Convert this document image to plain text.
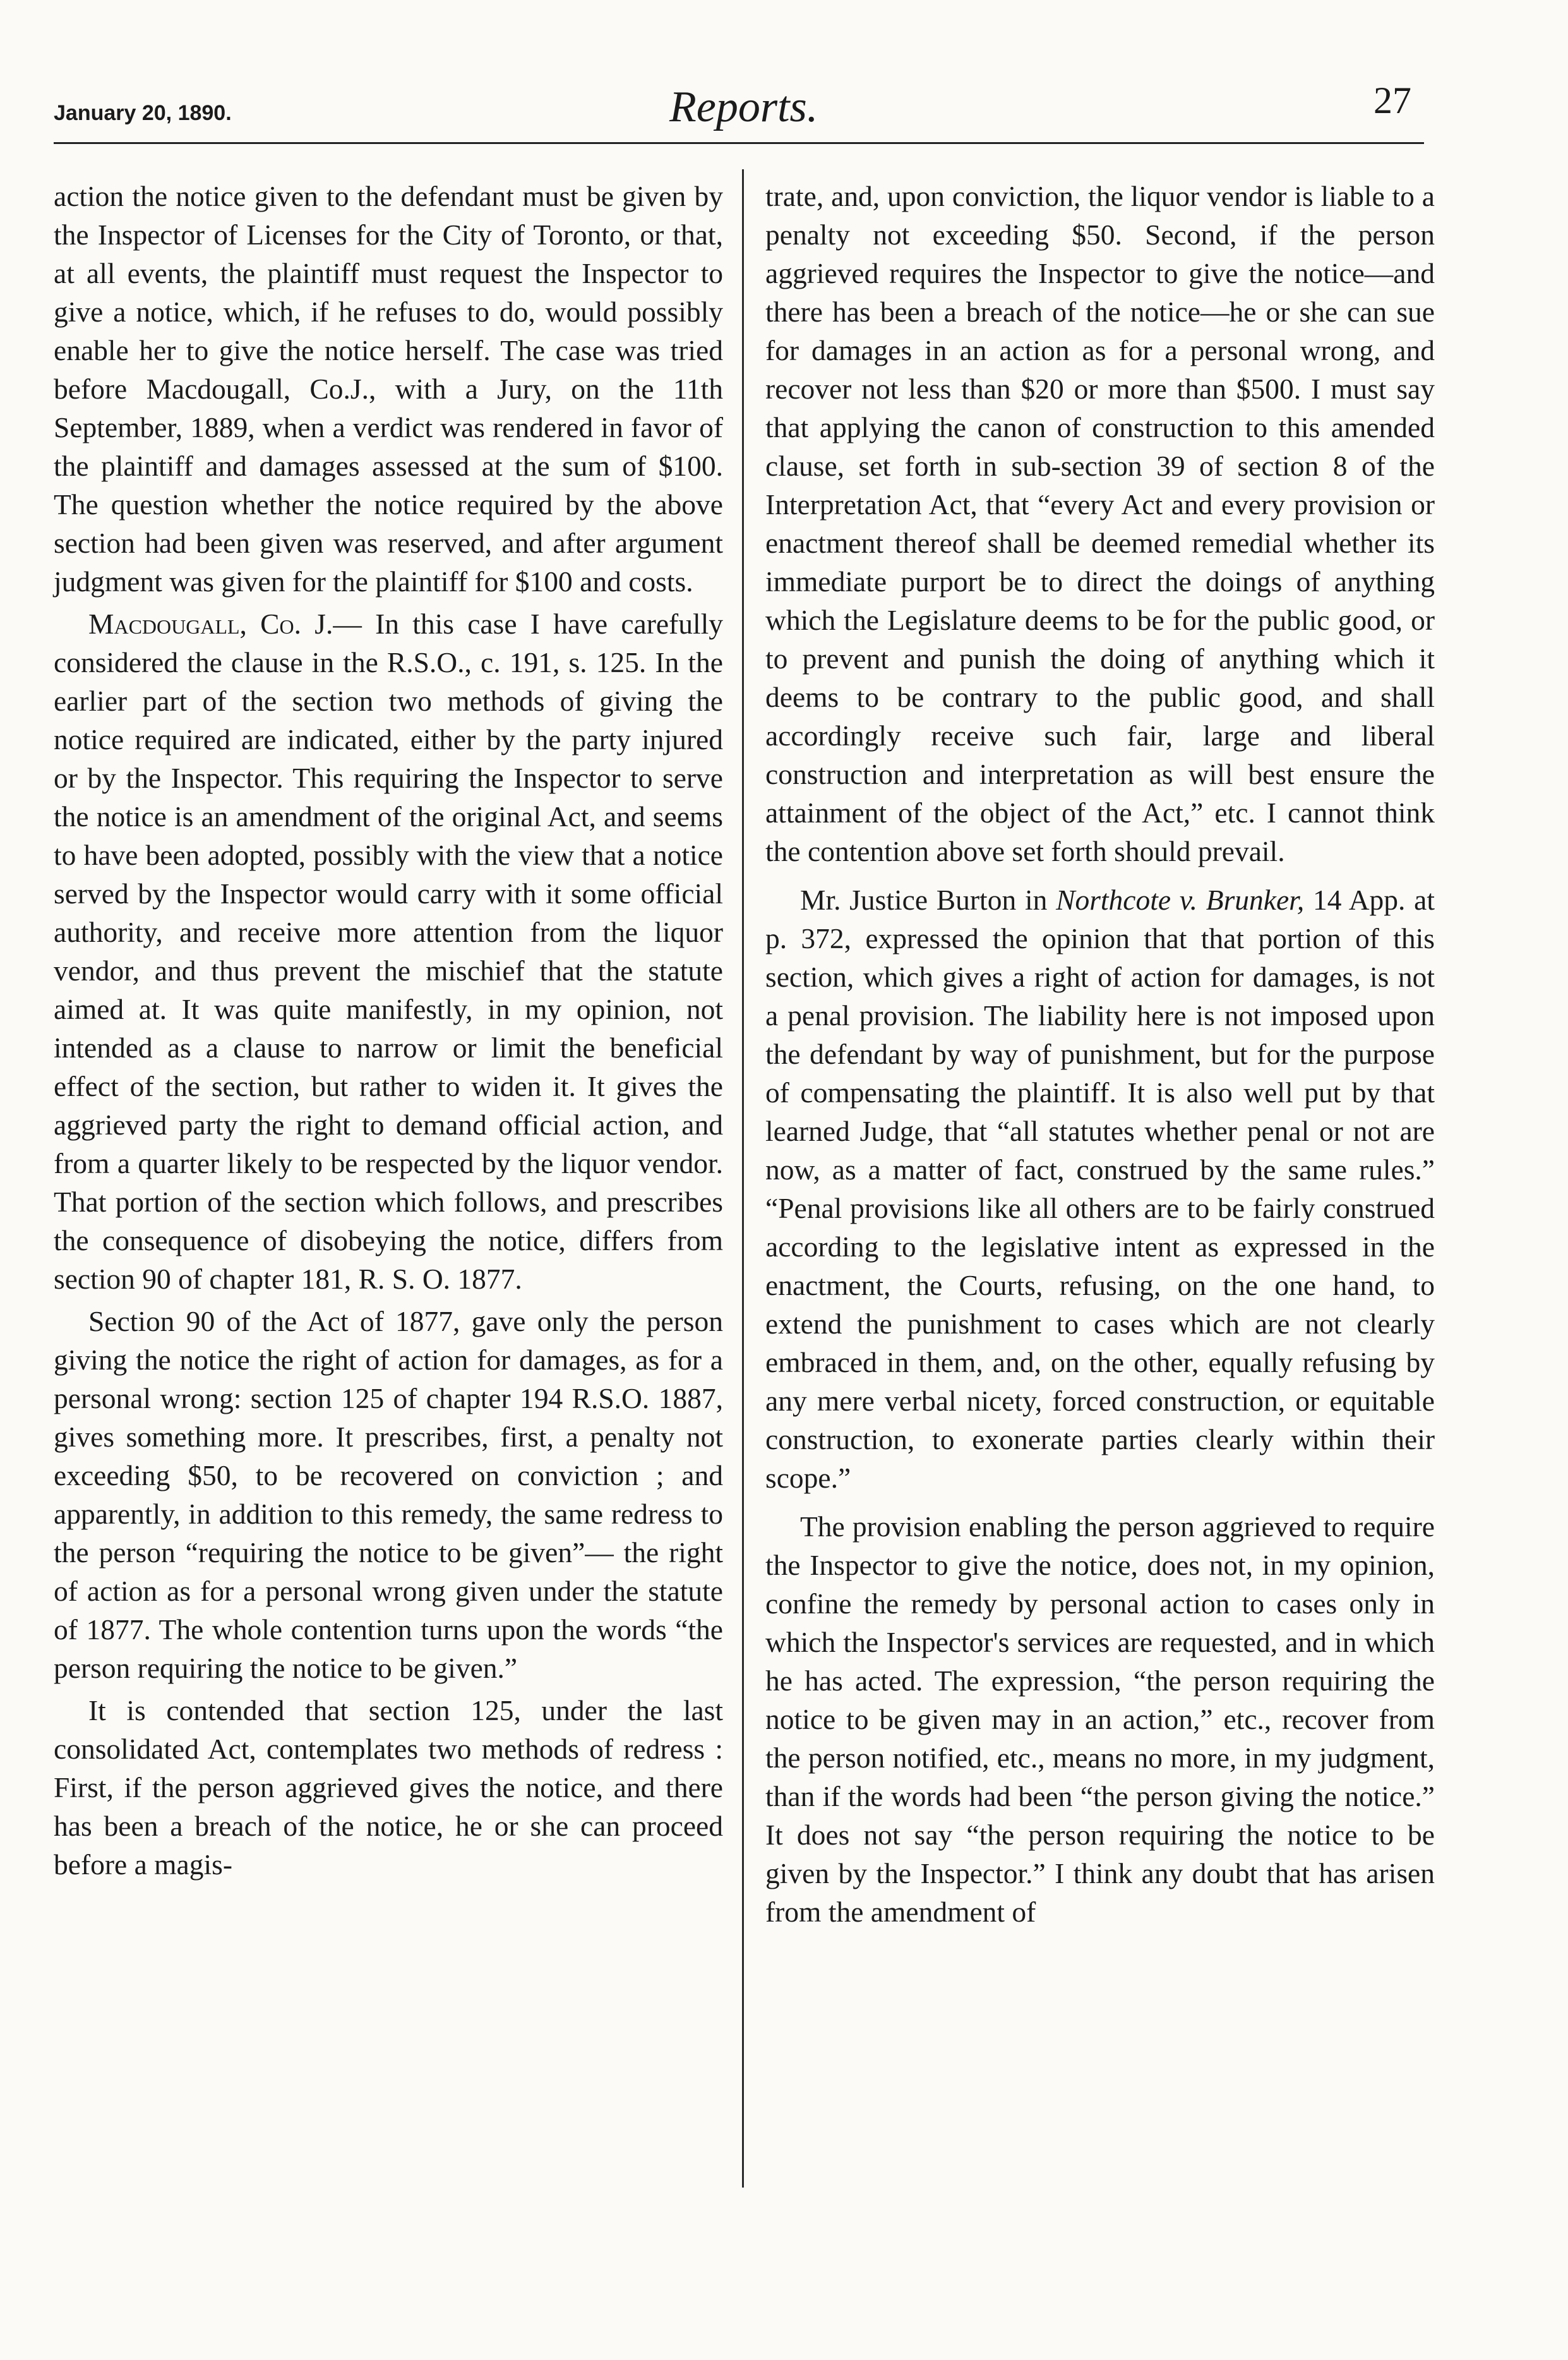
January 20, 1890.	Reports.	27

action the notice given to the defendant must be given by the Inspector of Licenses for the City of Toronto, or that, at all events, the plaintiff must request the Inspector to give a notice, which, if he refuses to do, would possibly enable her to give the notice herself. The case was tried before Macdougall, Co.J., with a Jury, on the 11th September, 1889, when a verdict was rendered in favor of the plaintiff and damages assessed at the sum of $100. The question whether the notice required by the above section had been given was reserved, and after argument judgment was given for the plaintiff for $100 and costs.

Macdougall, Co. J.— In this case I have carefully considered the clause in the R.S.O., c. 191, s. 125. In the earlier part of the section two methods of giving the notice required are indicated, either by the party injured or by the Inspector. This requiring the Inspector to serve the notice is an amendment of the original Act, and seems to have been adopted, possibly with the view that a notice served by the Inspector would carry with it some official authority, and receive more attention from the liquor vendor, and thus prevent the mischief that the statute aimed at. It was quite manifestly, in my opinion, not intended as a clause to narrow or limit the beneficial effect of the section, but rather to widen it. It gives the aggrieved party the right to demand official action, and from a quarter likely to be respected by the liquor vendor. That portion of the section which follows, and prescribes the consequence of disobeying the notice, differs from section 90 of chapter 181, R. S. O. 1877.

Section 90 of the Act of 1877, gave only the person giving the notice the right of action for damages, as for a personal wrong: section 125 of chapter 194 R.S.O. 1887, gives something more. It prescribes, first, a penalty not exceeding $50, to be recovered on conviction ; and apparently, in addition to this remedy, the same redress to the person “requiring the notice to be given”— the right of action as for a personal wrong given under the statute of 1877. The whole contention turns upon the words “the person requiring the notice to be given.”

It is contended that section 125, under the last consolidated Act, contemplates two methods of redress : First, if the person aggrieved gives the notice, and there has been a breach of the notice, he or she can proceed before a magis-

trate, and, upon conviction, the liquor vendor is liable to a penalty not exceeding $50. Second, if the person aggrieved requires the Inspector to give the notice—and there has been a breach of the notice—he or she can sue for damages in an action as for a personal wrong, and recover not less than $20 or more than $500. I must say that applying the canon of construction to this amended clause, set forth in sub-section 39 of section 8 of the Interpretation Act, that “every Act and every provision or enactment thereof shall be deemed remedial whether its immediate purport be to direct the doings of anything which the Legislature deems to be for the public good, or to prevent and punish the doing of anything which it deems to be contrary to the public good, and shall accordingly receive such fair, large and liberal construction and interpretation as will best ensure the attainment of the object of the Act,” etc. I cannot think the contention above set forth should prevail.

Mr. Justice Burton in Northcote v. Brunker, 14 App. at p. 372, expressed the opinion that that portion of this section, which gives a right of action for damages, is not a penal provision. The liability here is not imposed upon the defendant by way of punishment, but for the purpose of compensating the plaintiff. It is also well put by that learned Judge, that “all statutes whether penal or not are now, as a matter of fact, construed by the same rules.” “Penal provisions like all others are to be fairly construed according to the legislative intent as expressed in the enactment, the Courts, refusing, on the one hand, to extend the punishment to cases which are not clearly embraced in them, and, on the other, equally refusing by any mere verbal nicety, forced construction, or equitable construction, to exonerate parties clearly within their scope.”

The provision enabling the person aggrieved to require the Inspector to give the notice, does not, in my opinion, confine the remedy by personal action to cases only in which the Inspector's services are requested, and in which he has acted. The expression, “the person requiring the notice to be given may in an action,” etc., recover from the person notified, etc., means no more, in my judgment, than if the words had been “the person giving the notice.” It does not say “the person requiring the notice to be given by the Inspector.” I think any doubt that has arisen from the amendment of
